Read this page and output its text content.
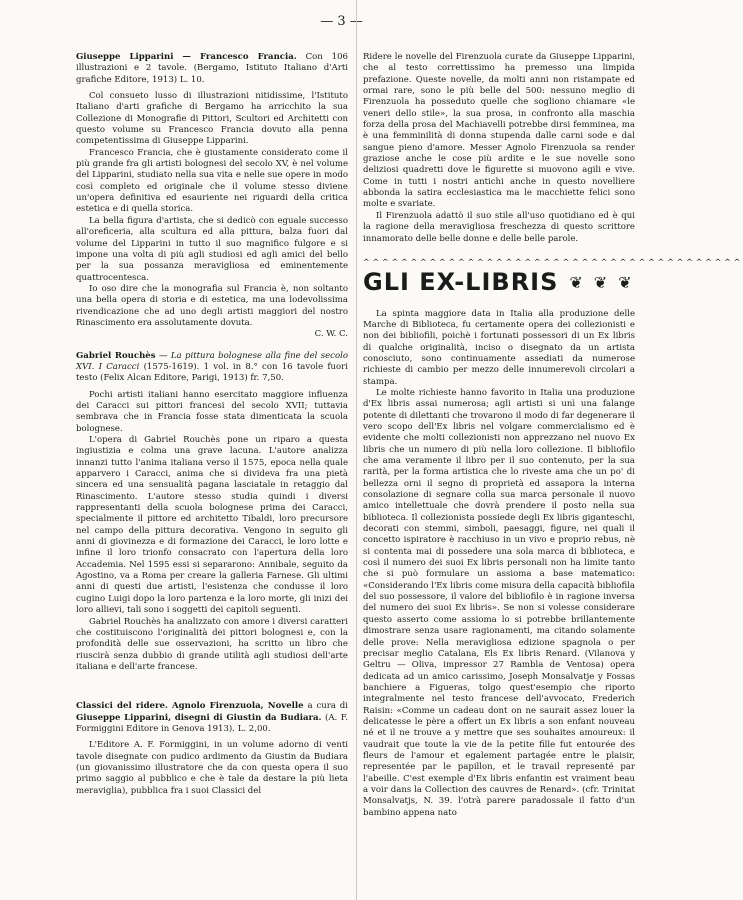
— 3 —

Giuseppe Lipparini — Francesco Francia. Con 106 illustrazioni e 2 tavole. (Bergamo, Istituto Italiano d'Arti grafiche Editore, 1913) L. 10.

Col consueto lusso di illustrazioni nitidissime, l'Istituto Italiano d'arti grafiche di Bergamo ha arricchito la sua Collezione di Monografie di Pittori, Scultori ed Architetti con questo volume su Francesco Francia dovuto alla penna competentissima di Giuseppe Lipparini.

Francesco Francia, che è giustamente considerato come il più grande fra gli artisti bolognesi del secolo XV, è nel volume del Lipparini, studiato nella sua vita e nelle sue opere in modo così completo ed originale che il volume stesso diviene un'opera definitiva ed esauriente nei riguardi della critica estetica e di quella storica.

La bella figura d'artista, che si dedicò con eguale successo all'oreficeria, alla scultura ed alla pittura, balza fuori dal volume del Lipparini in tutto il suo magnifico fulgore e si impone una volta di più agli studiosi ed agli amici del bello per la sua possanza meravigliosa ed eminentemente quattrocentesca.

Io oso dire che la monografia sul Francia è, non soltanto una bella opera di storia e di estetica, ma una lodevolissima rivendicazione che ad uno degli artisti maggiori del nostro Rinascimento era assolutamente dovuta.

C. W. C.

Gabriel Rouchès — La pittura bolognese alla fine del secolo XVI. I Caracci (1575-1619). 1 vol. in 8.° con 16 tavole fuori testo (Felix Alcan Editore, Parigi, 1913) fr. 7,50.

Pochi artisti italiani hanno esercitato maggiore influenza dei Caracci sui pittori francesi del secolo XVII; tuttavia sembrava che in Francia fosse stata dimenticata la scuola bolognese.

L'opera di Gabriel Rouchès pone un riparo a questa ingiustizia e colma una grave lacuna. L'autore analizza innanzi tutto l'anima italiana verso il 1575, epoca nella quale apparvero i Caracci, anima che si divideva fra una pietà sincera ed una sensualità pagana lasciatale in retaggio dal Rinascimento. L'autore stesso studia quindi i diversi rappresentanti della scuola bolognese prima dei Caracci, specialmente il pittore ed architetto Tibaldi, loro precursore nel campo della pittura decorativa. Vengono in seguito gli anni di giovinezza e di formazione dei Caracci, le loro lotte e infine il loro trionfo consacrato con l'apertura della loro Accademia. Nel 1595 essi si separarono: Annibale, seguito da Agostino, va a Roma per creare la galleria Farnese. Gli ultimi anni di questi due artisti, l'esistenza che condusse il loro cugino Luigi dopo la loro partenza e la loro morte, gli inizi dei loro allievi, tali sono i soggetti dei capitoli seguenti.

Gabriel Rouchès ha analizzato con amore i diversi caratteri che costituiscono l'originalità dei pittori bolognesi e, con la profondità delle sue osservazioni, ha scritto un libro che riuscirà senza dubbio di grande utilità agli studiosi dell'arte italiana e dell'arte francese.

Classici del ridere. Agnolo Firenzuola, Novelle a cura di Giuseppe Lipparini, disegni di Giustin da Budiara. (A. F. Formiggini Editore in Genova 1913). L. 2,00.

L'Editore A. F. Formiggini, in un volume adorno di venti tavole disegnate con pudico ardimento da Giustin da Budiara (un giovanissimo illustratore che da con questa opera il suo primo saggio al pubblico e che è tale da destare la più lieta meraviglia), pubblica fra i suoi Classici del

Ridere le novelle del Firenzuola curate da Giuseppe Lipparini, che al testo correttissimo ha premesso una limpida prefazione. Queste novelle, da molti anni non ristampate ed ormai rare, sono le più belle del 500: nessuno meglio di Firenzuola ha posseduto quelle che sogliono chiamare «le veneri dello stile», la sua prosa, in confronto alla maschia forza della prosa del Machiavelli potrebbe dirsi femminea, ma è una femminilità di donna stupenda dalle carni sode e dal sangue pieno d'amore. Messer Agnolo Firenzuola sa render graziose anche le cose più ardite e le sue novelle sono deliziosi quadretti dove le figurette si muovono agili e vive. Come in tutti i nostri antichi anche in questo novelliere abbonda la satira ecclesiastica ma le macchiette felici sono molte e svariate.

Il Firenzuola adattò il suo stile all'uso quotidiano ed è qui la ragione della meravigliosa freschezza di questo scrittore innamorato delle belle donne e delle belle parole.

^^^^^^^^^^^^^^^^^^^^^^^^^^^^^^^^^^^^^^^^
GLI EX-LIBRIS ❦ ❦ ❦

La spinta maggiore data in Italia alla produzione delle Marche di Biblioteca, fu certamente opera dei collezionisti e non dei bibliofili, poichè i fortunati possessori di un Ex libris di qualche originalità, inciso o disegnato da un artista conosciuto, sono continuamente assediati da numerose richieste di cambio per mezzo delle innumerevoli circolari a stampa.

Le molte richieste hanno favorito in Italia una produzione d'Ex libris assai numerosa; agli artisti si unì una falange potente di dilettanti che trovarono il modo di far degenerare il vero scopo dell'Ex libris nel volgare commercialismo ed è evidente che molti collezionisti non apprezzano nel nuovo Ex libris che un numero di più nella loro collezione. Il bibliofilo che ama veramente il libro per il suo contenuto, per la sua rarità, per la forma artistica che lo riveste ama che un po' di bellezza orni il segno di proprietà ed assapora la interna consolazione di segnare colla sua marca personale il nuovo amico intellettuale che dovrà prendere il posto nella sua biblioteca. Il collezionista possiede degli Ex libris giganteschi, decorati con stemmi, simboli, paesaggi, figure, nei quali il concetto ispiratore è racchiuso in un vivo e proprio rebus, nè si contenta mai di possedere una sola marca di biblioteca, e così il numero dei suoi Ex libris personali non ha limite tanto che si può formulare un assioma a base matematico: «Considerando l'Ex libris come misura della capacità bibliofila del suo possessore, il valore del bibliofilo è in ragione inversa del numero dei suoi Ex libris». Se non si volesse considerare questo asserto come assioma lo si potrebbe brillantemente dimostrare senza usare ragionamenti, ma citando solamente delle prove: Nella meravigliosa edizione spagnola o per precisar meglio Catalana, Els Ex libris Renard. (Vilanova y Geltru — Oliva, impressor 27 Rambla de Ventosa) opera dedicata ad un amico carissimo, Joseph Monsalvatje y Fossas banchiere a Figueras, tolgo quest'esempio che riporto integralmente nel testo francese dell'avvocato, Frederich Raisin: «Comme un cadeau dont on ne saurait assez louer la delicatesse le père a offert un Ex libris a son enfant nouveau né et il ne trouve a y mettre que ses souhaites amoureux: il vaudrait que toute la vie de la petite fille fut entourée des fleurs de l'amour et egalement partagée entre le plaisir, representée par le papillon, et le travail representé par l'abeille. C'est exemple d'Ex libris enfantin est vraiment beau a voir dans la Collection des cauvres de Renard». (cfr. Trinitat Monsalvatjs, N. 39. l'otrà parere paradossale il fatto d'un bambino appena nato
